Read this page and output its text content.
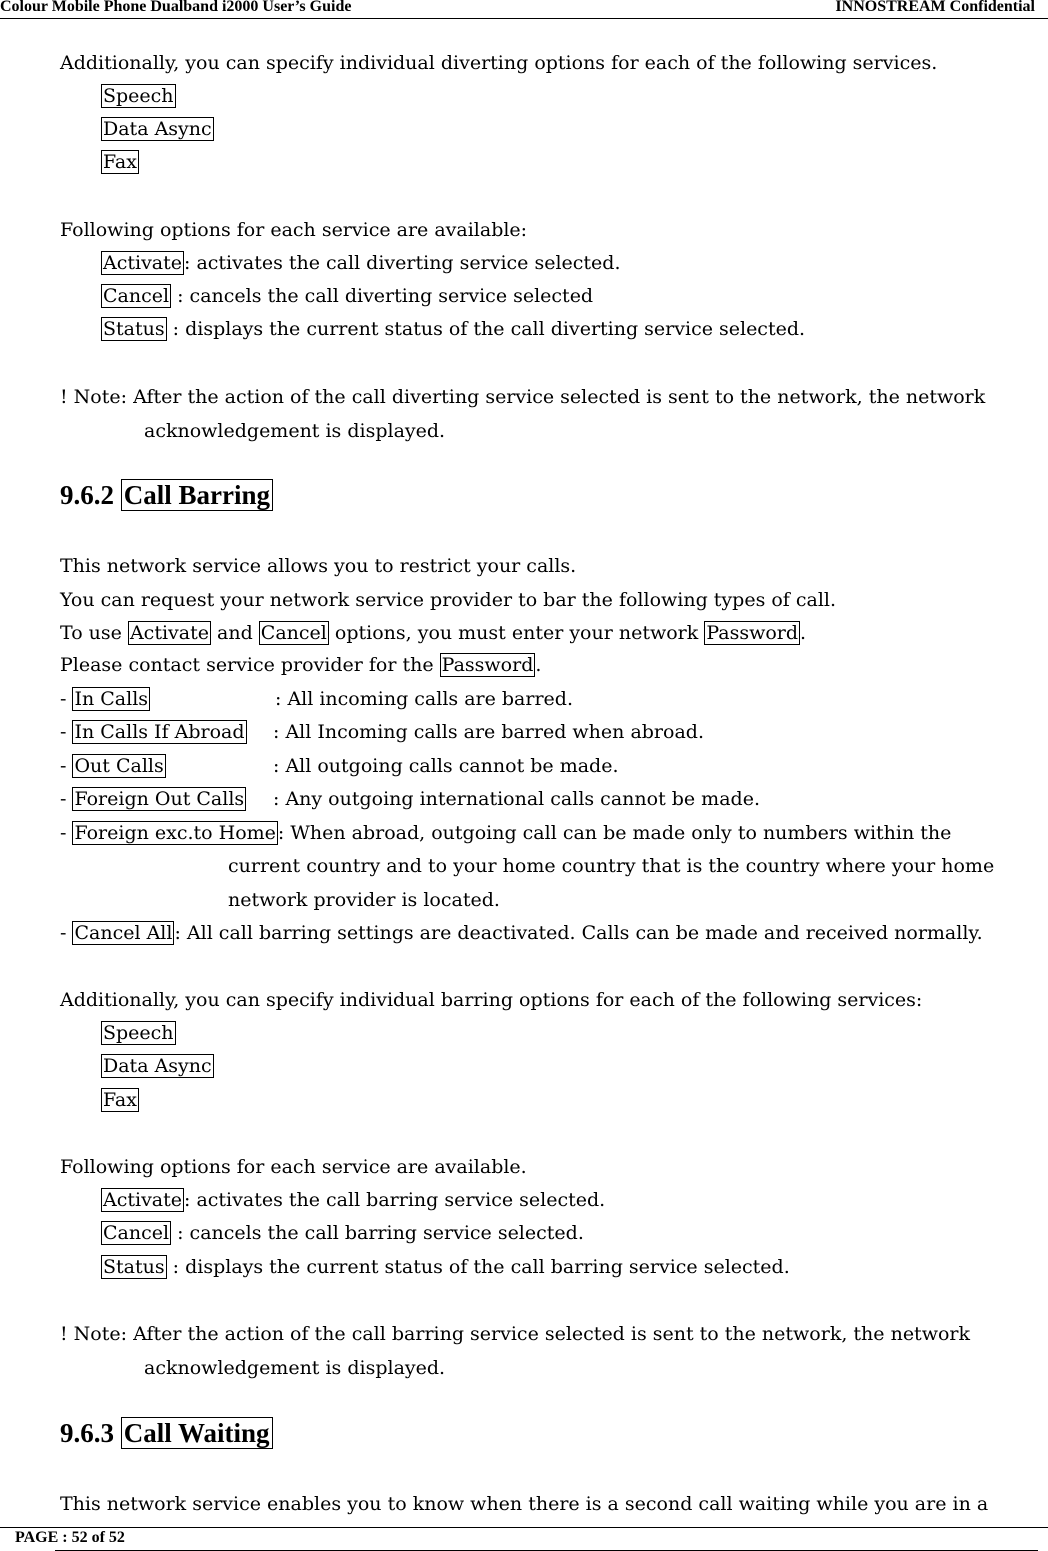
Colour Mobile Phone Dualband i2000 User’s Guide	INNOSTREAM Confidential
Additionally, you can specify individual diverting options for each of the following services.
Speech
Data Async
Fax
Following options for each service are available:
Activate : activates the call diverting service selected.
Cancel : cancels the call diverting service selected
Status : displays the current status of the call diverting service selected.
! Note: After the action of the call diverting service selected is sent to the network, the network
acknowledgement is displayed.
9.6.2 Call Barring
This network service allows you to restrict your calls.
You can request your network service provider to bar the following types of call.
To use Activate and Cancel options, you must enter your network Password .
Please contact service provider for the Password .
- In Calls	: All incoming calls are barred.
- In Calls If Abroad : All Incoming calls are barred when abroad.
- Out Calls	: All outgoing calls cannot be made.
- Foreign Out Calls : Any outgoing international calls cannot be made.
- Foreign exc.to Home : When abroad, outgoing call can be made only to numbers within the
current country and to your home country that is the country where your home
network provider is located.
- Cancel All : All call barring settings are deactivated. Calls can be made and received normally.
Additionally, you can specify individual barring options for each of the following services:
Speech
Data Async
Fax
Following options for each service are available.
Activate : activates the call barring service selected.
Cancel : cancels the call barring service selected.
Status : displays the current status of the call barring service selected.
! Note: After the action of the call barring service selected is sent to the network, the network
acknowledgement is displayed.
9.6.3 Call Waiting
This network service enables you to know when there is a second call waiting while you are in a
PAGE : 52 of 52
